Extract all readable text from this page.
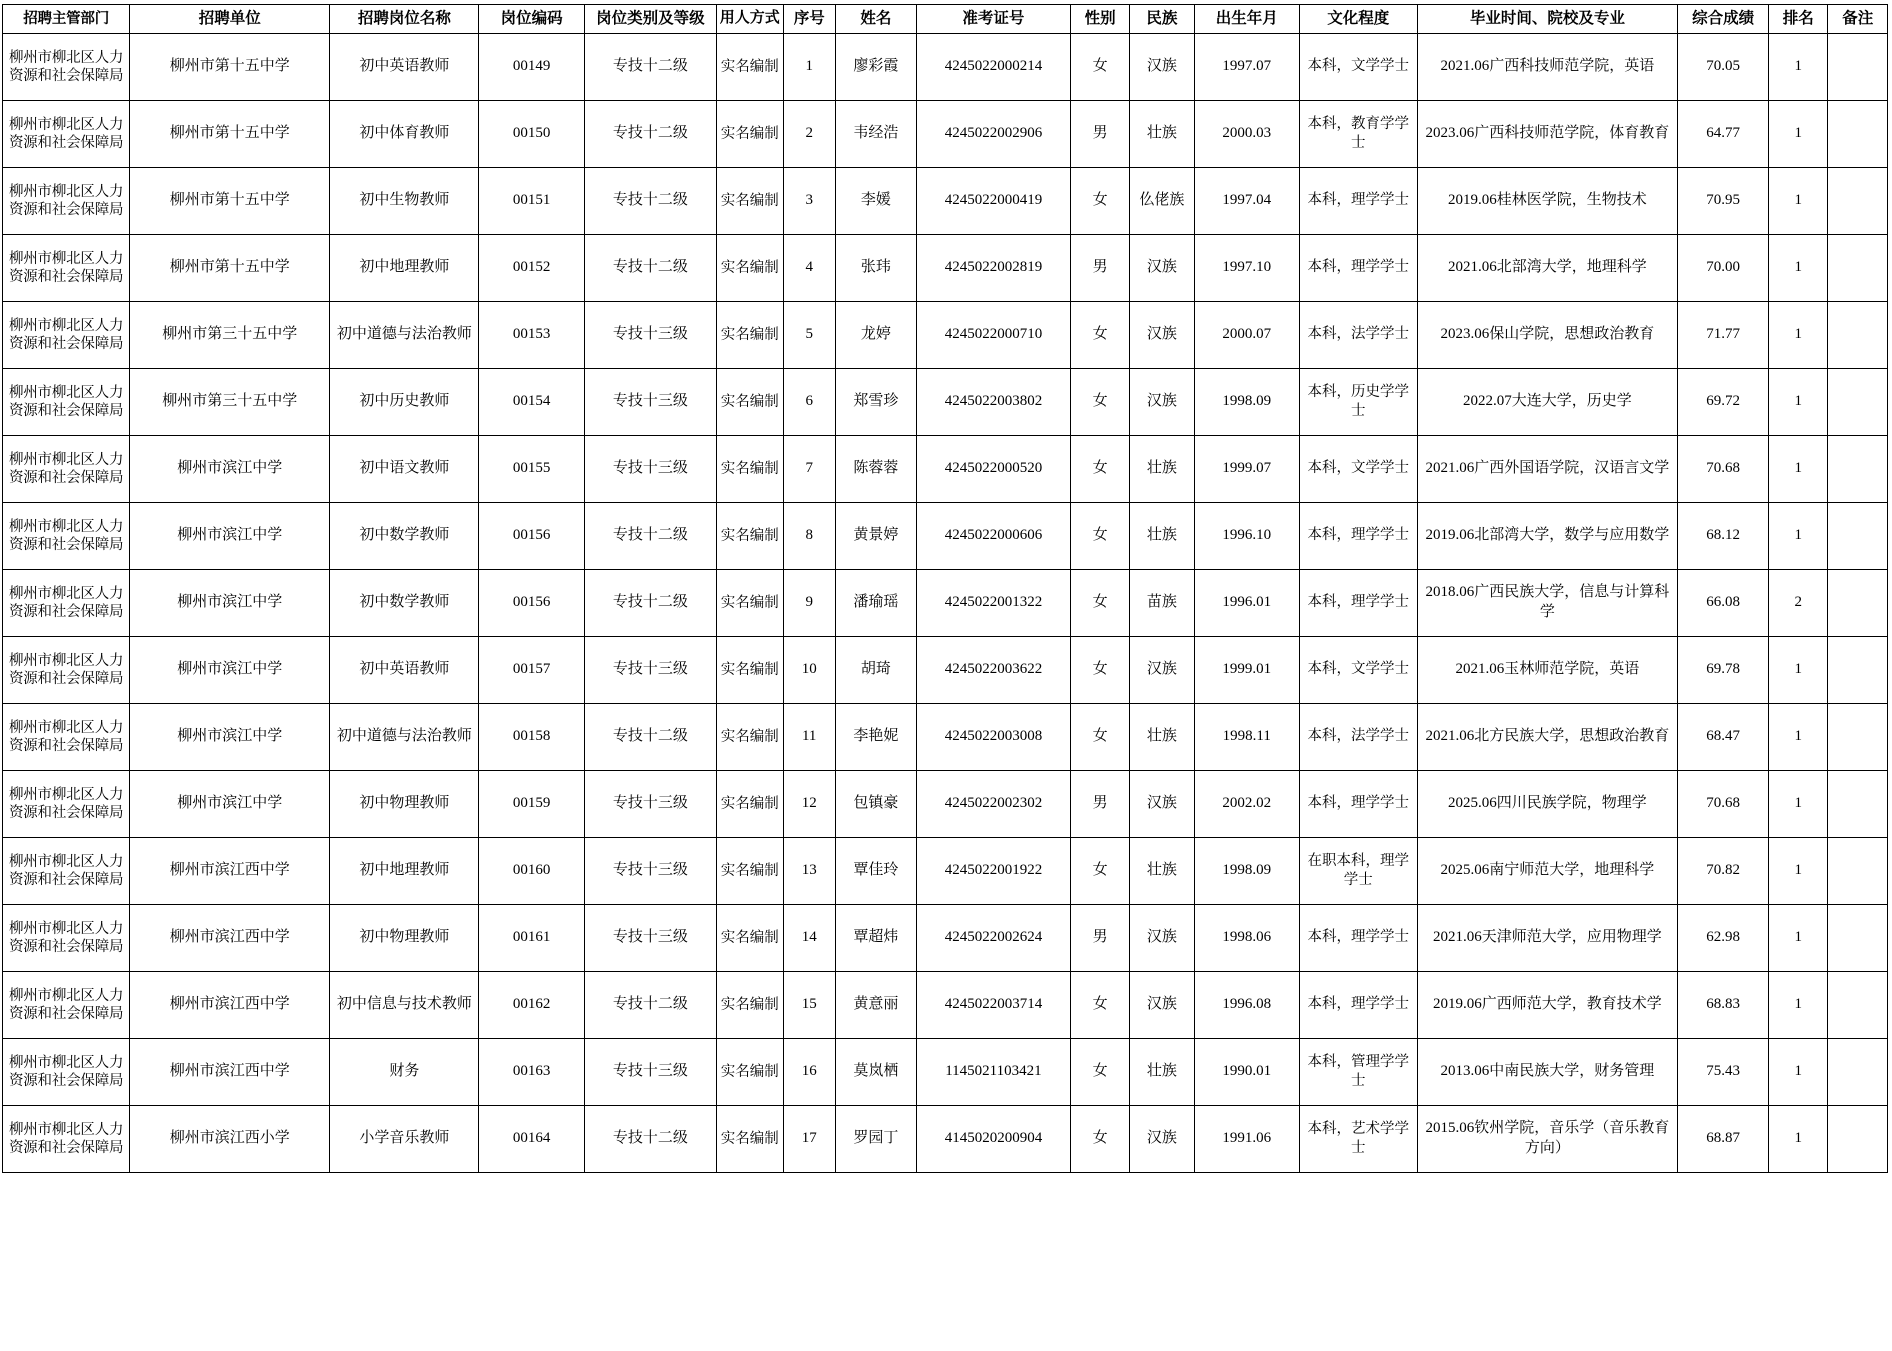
招聘主管部门	招聘单位	招聘岗位名称	岗位编码	岗位类别及等级	用人方式	序号	姓名	准考证号	性别	民族	出生年月	文化程度	毕业时间、院校及专业	综合成绩	排名	备注
柳州市柳北区人力资源和社会保障局	柳州市第十五中学	初中英语教师	00149	专技十二级	实名编制	1	廖彩霞	4245022000214	女	汉族	1997.07	本科，文学学士	2021.06广西科技师范学院，英语	70.05	1	
柳州市柳北区人力资源和社会保障局	柳州市第十五中学	初中体育教师	00150	专技十二级	实名编制	2	韦经浩	4245022002906	男	壮族	2000.03	本科，教育学学士	2023.06广西科技师范学院，体育教育	64.77	1	
柳州市柳北区人力资源和社会保障局	柳州市第十五中学	初中生物教师	00151	专技十二级	实名编制	3	李媛	4245022000419	女	仫佬族	1997.04	本科，理学学士	2019.06桂林医学院，生物技术	70.95	1	
柳州市柳北区人力资源和社会保障局	柳州市第十五中学	初中地理教师	00152	专技十二级	实名编制	4	张玮	4245022002819	男	汉族	1997.10	本科，理学学士	2021.06北部湾大学，地理科学	70.00	1	
柳州市柳北区人力资源和社会保障局	柳州市第三十五中学	初中道德与法治教师	00153	专技十三级	实名编制	5	龙婷	4245022000710	女	汉族	2000.07	本科，法学学士	2023.06保山学院，思想政治教育	71.77	1	
柳州市柳北区人力资源和社会保障局	柳州市第三十五中学	初中历史教师	00154	专技十三级	实名编制	6	郑雪珍	4245022003802	女	汉族	1998.09	本科，历史学学士	2022.07大连大学，历史学	69.72	1	
柳州市柳北区人力资源和社会保障局	柳州市滨江中学	初中语文教师	00155	专技十三级	实名编制	7	陈蓉蓉	4245022000520	女	壮族	1999.07	本科，文学学士	2021.06广西外国语学院，汉语言文学	70.68	1	
柳州市柳北区人力资源和社会保障局	柳州市滨江中学	初中数学教师	00156	专技十二级	实名编制	8	黄景婷	4245022000606	女	壮族	1996.10	本科，理学学士	2019.06北部湾大学，数学与应用数学	68.12	1	
柳州市柳北区人力资源和社会保障局	柳州市滨江中学	初中数学教师	00156	专技十二级	实名编制	9	潘瑜瑶	4245022001322	女	苗族	1996.01	本科，理学学士	2018.06广西民族大学，信息与计算科学	66.08	2	
柳州市柳北区人力资源和社会保障局	柳州市滨江中学	初中英语教师	00157	专技十三级	实名编制	10	胡琦	4245022003622	女	汉族	1999.01	本科，文学学士	2021.06玉林师范学院，英语	69.78	1	
柳州市柳北区人力资源和社会保障局	柳州市滨江中学	初中道德与法治教师	00158	专技十二级	实名编制	11	李艳妮	4245022003008	女	壮族	1998.11	本科，法学学士	2021.06北方民族大学，思想政治教育	68.47	1	
柳州市柳北区人力资源和社会保障局	柳州市滨江中学	初中物理教师	00159	专技十三级	实名编制	12	包镇豪	4245022002302	男	汉族	2002.02	本科，理学学士	2025.06四川民族学院，物理学	70.68	1	
柳州市柳北区人力资源和社会保障局	柳州市滨江西中学	初中地理教师	00160	专技十三级	实名编制	13	覃佳玲	4245022001922	女	壮族	1998.09	在职本科，理学学士	2025.06南宁师范大学，地理科学	70.82	1	
柳州市柳北区人力资源和社会保障局	柳州市滨江西中学	初中物理教师	00161	专技十三级	实名编制	14	覃超炜	4245022002624	男	汉族	1998.06	本科，理学学士	2021.06天津师范大学，应用物理学	62.98	1	
柳州市柳北区人力资源和社会保障局	柳州市滨江西中学	初中信息与技术教师	00162	专技十二级	实名编制	15	黄意丽	4245022003714	女	汉族	1996.08	本科，理学学士	2019.06广西师范大学，教育技术学	68.83	1	
柳州市柳北区人力资源和社会保障局	柳州市滨江西中学	财务	00163	专技十三级	实名编制	16	莫岚栖	1145021103421	女	壮族	1990.01	本科，管理学学士	2013.06中南民族大学，财务管理	75.43	1	
柳州市柳北区人力资源和社会保障局	柳州市滨江西小学	小学音乐教师	00164	专技十二级	实名编制	17	罗园丁	4145020200904	女	汉族	1991.06	本科，艺术学学士	2015.06钦州学院，音乐学（音乐教育方向）	68.87	1	
